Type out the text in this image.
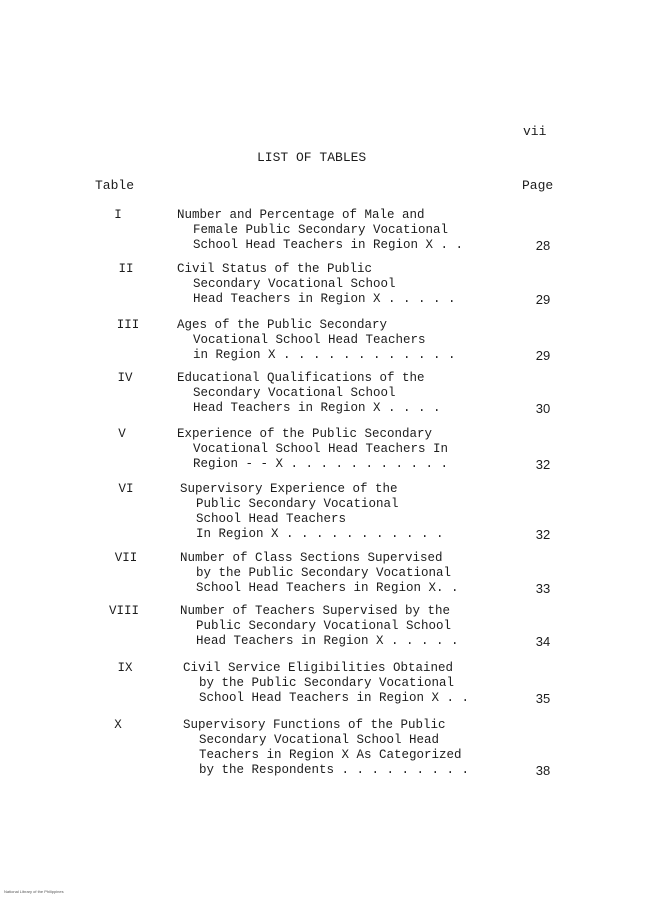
vii
LIST OF TABLES
Table	Page
I	Number and Percentage of Male and
Female Public Secondary Vocational
School Head Teachers in Region X . .	28
II	Civil Status of the Public
Secondary Vocational School
Head Teachers in Region X . . . . .	29
III	Ages of the Public Secondary
Vocational School Head Teachers
in Region X . . . . . . . . . . . .	29
IV	Educational Qualifications of the
Secondary Vocational School
Head Teachers in Region X . . . .	30
V	Experience of the Public Secondary
Vocational School Head Teachers In
Region - - X . . . . . . . . . . .	32
VI	Supervisory Experience of the
Public Secondary Vocational
School Head Teachers
In Region X . . . . . . . . . . .	32
VII	Number of Class Sections Supervised
by the Public Secondary Vocational
School Head Teachers in Region X. .	33
VIII	Number of Teachers Supervised by the
Public Secondary Vocational School
Head Teachers in Region X . . . . .	34
IX	Civil Service Eligibilities Obtained
by the Public Secondary Vocational
School Head Teachers in Region X . .	35
X	Supervisory Functions of the Public
Secondary Vocational School Head
Teachers in Region X As Categorized
by the Respondents . . . . . . . . .	38
National Library of the Philippines
